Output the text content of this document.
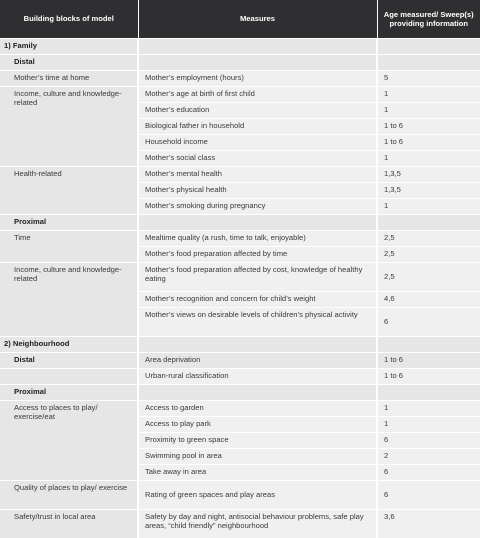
Building blocks of model	Measures	Age measured/ Sweep(s) providing information
1) Family		
Distal		
Mother’s time at home	Mother’s employment (hours)	5
Income, culture and knowledge- related	Mother’s age at birth of first child	1
	Mother’s education	1
	Biological father in household	1 to 6
	Household income	1 to 6
	Mother’s social class	1
Health-related	Mother’s mental health	1,3,5
	Mother’s physical health	1,3,5
	Mother’s smoking during pregnancy	1
Proximal		
Time	Mealtime quality (a rush, time to talk, enjoyable)	2,5
	Mother’s food preparation affected by time	2,5
Income, culture and knowledge- related	Mother’s food preparation affected by cost, knowledge of healthy eating	2,5
	Mother’s recognition and concern for child’s weight	4,6
	Mother’s views on desirable levels of children’s physical activity	6
2) Neighbourhood		
Distal	Area deprivation	1 to 6
	Urban-rural classification	1 to 6
Proximal		
Access to places to play/ exercise/eat	Access to garden	1
	Access to play park	1
	Proximity to green space	6
	Swimming pool in area	2
	Take away in area	6
Quality of places to play/ exercise	Rating of green spaces and play areas	6
Safety/trust in local area	Safety by day and night, antisocial behaviour problems, safe play areas, “child friendly” neighbourhood	3,6
